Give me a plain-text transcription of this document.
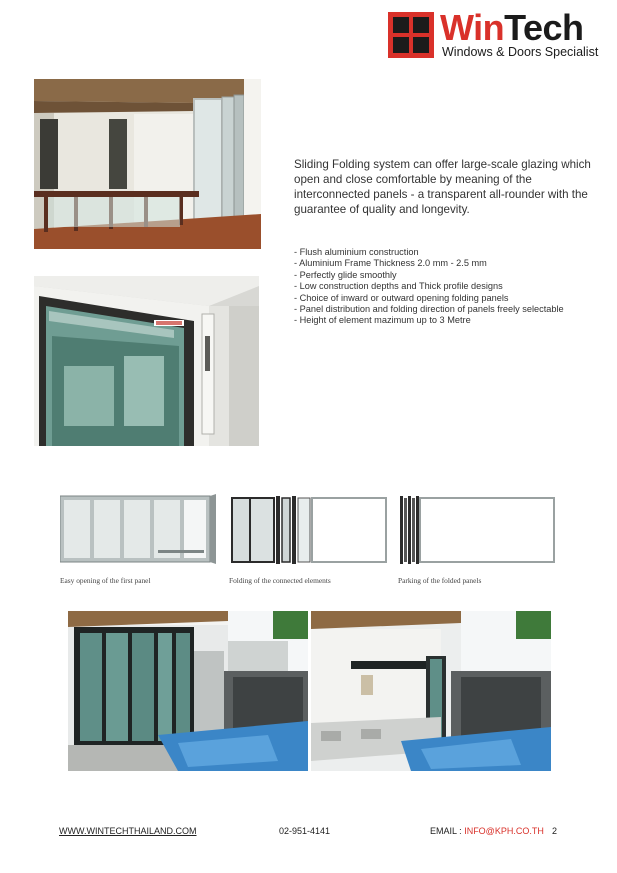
WinTech
Windows & Doors Specialist
Sliding Folding system can offer large-scale glazing which open and close comfortable by meaning of the interconnected panels - a transparent all-rounder with the guarantee of quality and longevity.
- Flush aluminium construction
- Aluminium Frame Thickness 2.0 mm - 2.5 mm
- Perfectly glide smoothly
- Low construction depths and Thick profile designs
- Choice of inward or outward opening folding panels
- Panel distribution and folding direction of panels freely selectable
- Height of element mazimum up to 3 Metre
Easy opening of the first panel	Folding of the connected elements	Parking of the folded panels
WWW.WINTECHTHAILAND.COM	02-951-4141	EMAIL : INFO@KPH.CO.TH 2
